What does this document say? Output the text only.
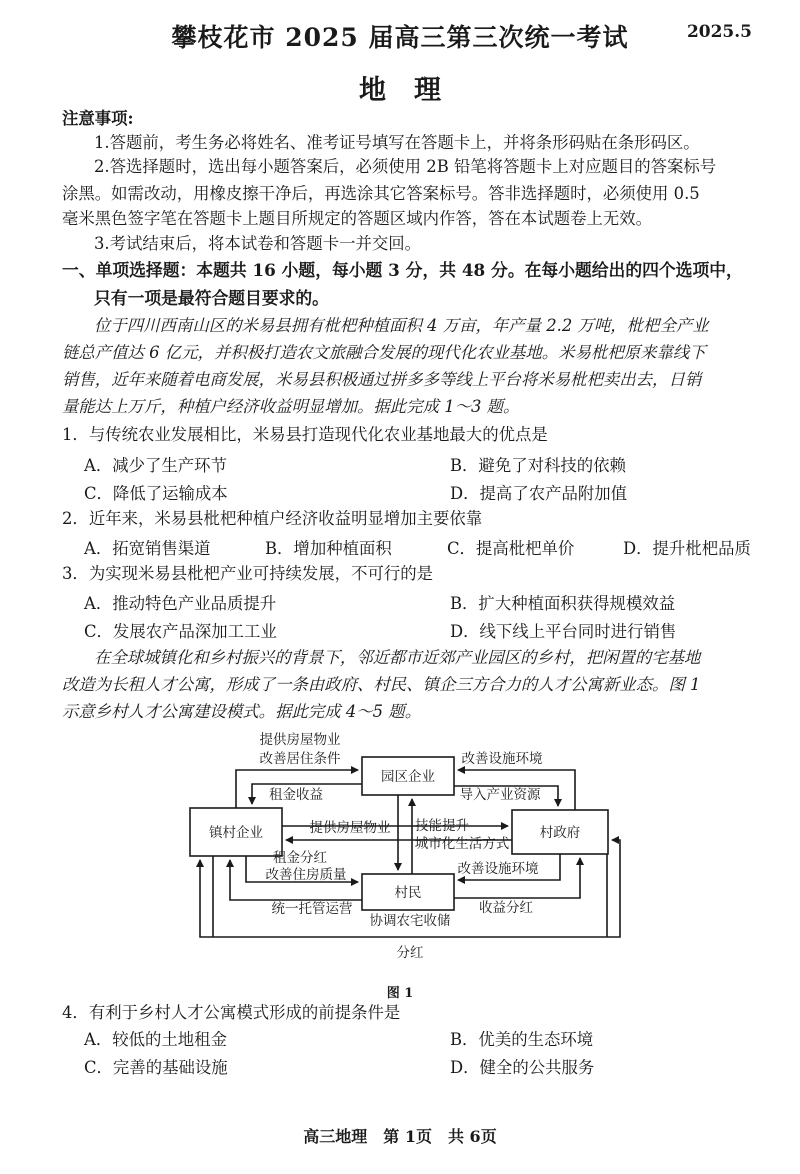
攀枝花市 2025 届高三第三次统一考试	2025.5
地理
注意事项:
1.答题前，考生务必将姓名、准考证号填写在答题卡上，并将条形码贴在条形码区。
2.答选择题时，选出每小题答案后，必须使用 2B 铅笔将答题卡上对应题目的答案标号
涂黑。如需改动，用橡皮擦干净后，再选涂其它答案标号。答非选择题时，必须使用 0.5
毫米黑色签字笔在答题卡上题目所规定的答题区域内作答，答在本试题卷上无效。
3.考试结束后，将本试卷和答题卡一并交回。
一、单项选择题：本题共 16 小题，每小题 3 分，共 48 分。在每小题给出的四个选项中，
只有一项是最符合题目要求的。
位于四川西南山区的米易县拥有枇杷种植面积 4 万亩，年产量 2.2 万吨，枇杷全产业
链总产值达 6 亿元，并积极打造农文旅融合发展的现代化农业基地。米易枇杷原来靠线下
销售，近年来随着电商发展，米易县积极通过拼多多等线上平台将米易枇杷卖出去，日销
量能达上万斤，种植户经济收益明显增加。据此完成 1～3 题。
1．与传统农业发展相比，米易县打造现代化农业基地最大的优点是
A．减少了生产环节	B．避免了对科技的依赖
C．降低了运输成本	D．提高了农产品附加值
2．近年来，米易县枇杷种植户经济收益明显增加主要依靠
A．拓宽销售渠道	B．增加种植面积	C．提高枇杷单价	D．提升枇杷品质
3．为实现米易县枇杷产业可持续发展，不可行的是
A．推动特色产业品质提升	B．扩大种植面积获得规模效益
C．发展农产品深加工工业	D．线下线上平台同时进行销售
在全球城镇化和乡村振兴的背景下，邻近都市近郊产业园区的乡村，把闲置的宅基地
改造为长租人才公寓，形成了一条由政府、村民、镇企三方合力的人才公寓新业态。图 1
示意乡村人才公寓建设模式。据此完成 4～5 题。
园区企业
镇村企业	村政府
村民
提供房屋物业
改善居住条件	改善设施环境
导入产业资源
租金收益
提供房屋物业 技能提升
城市化生活方式
租金分红
改善住房质量	改善设施环境
统一托管运营
协调农宅收储
收益分红
分红
图 1
4．有利于乡村人才公寓模式形成的前提条件是
A．较低的土地租金	B．优美的生态环境
C．完善的基础设施	D．健全的公共服务
高三地理　第 1页　共 6页
